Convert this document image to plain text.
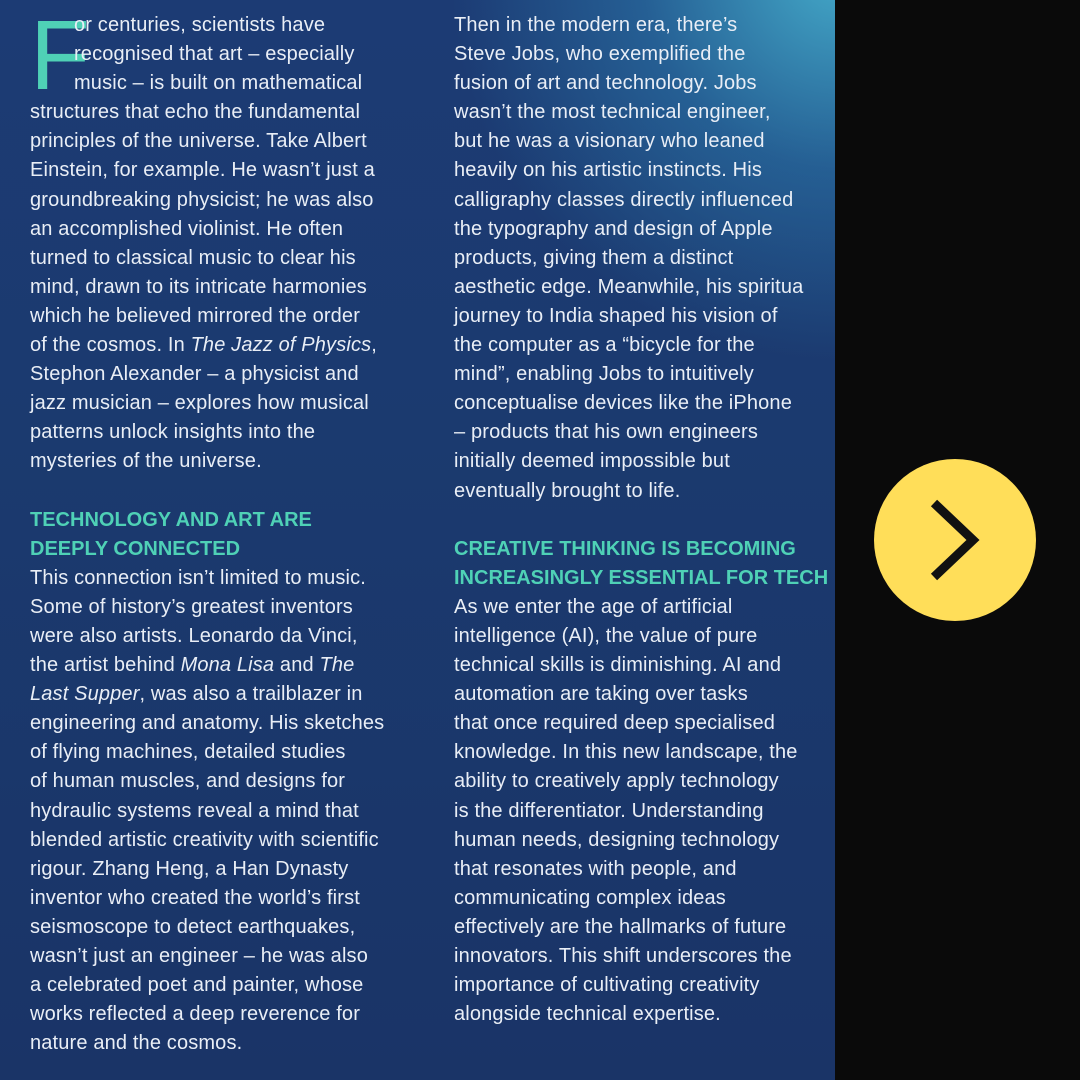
F
or centuries, scientists have
recognised that art – especially
music – is built on mathematical
structures that echo the fundamental
principles of the universe. Take Albert
Einstein, for example. He wasn’t just a
groundbreaking physicist; he was also
an accomplished violinist. He often
turned to classical music to clear his
mind, drawn to its intricate harmonies
which he believed mirrored the order
of the cosmos. In The Jazz of Physics,
Stephon Alexander – a physicist and
jazz musician – explores how musical
patterns unlock insights into the
mysteries of the universe.
TECHNOLOGY AND ART ARE
DEEPLY CONNECTED
This connection isn’t limited to music.
Some of history’s greatest inventors
were also artists. Leonardo da Vinci,
the artist behind Mona Lisa and The
Last Supper, was also a trailblazer in
engineering and anatomy. His sketches
of flying machines, detailed studies
of human muscles, and designs for
hydraulic systems reveal a mind that
blended artistic creativity with scientific
rigour. Zhang Heng, a Han Dynasty
inventor who created the world’s first
seismoscope to detect earthquakes,
wasn’t just an engineer – he was also
a celebrated poet and painter, whose
works reflected a deep reverence for
nature and the cosmos.
Then in the modern era, there’s
Steve Jobs, who exemplified the
fusion of art and technology. Jobs
wasn’t the most technical engineer,
but he was a visionary who leaned
heavily on his artistic instincts. His
calligraphy classes directly influenced
the typography and design of Apple
products, giving them a distinct
aesthetic edge. Meanwhile, his spiritua
journey to India shaped his vision of
the computer as a “bicycle for the
mind”, enabling Jobs to intuitively
conceptualise devices like the iPhone
– products that his own engineers
initially deemed impossible but
eventually brought to life.
CREATIVE THINKING IS BECOMING
INCREASINGLY ESSENTIAL FOR TECH
As we enter the age of artificial
intelligence (AI), the value of pure
technical skills is diminishing. AI and
automation are taking over tasks
that once required deep specialised
knowledge. In this new landscape, the
ability to creatively apply technology
is the differentiator. Understanding
human needs, designing technology
that resonates with people, and
communicating complex ideas
effectively are the hallmarks of future
innovators. This shift underscores the
importance of cultivating creativity
alongside technical expertise.
